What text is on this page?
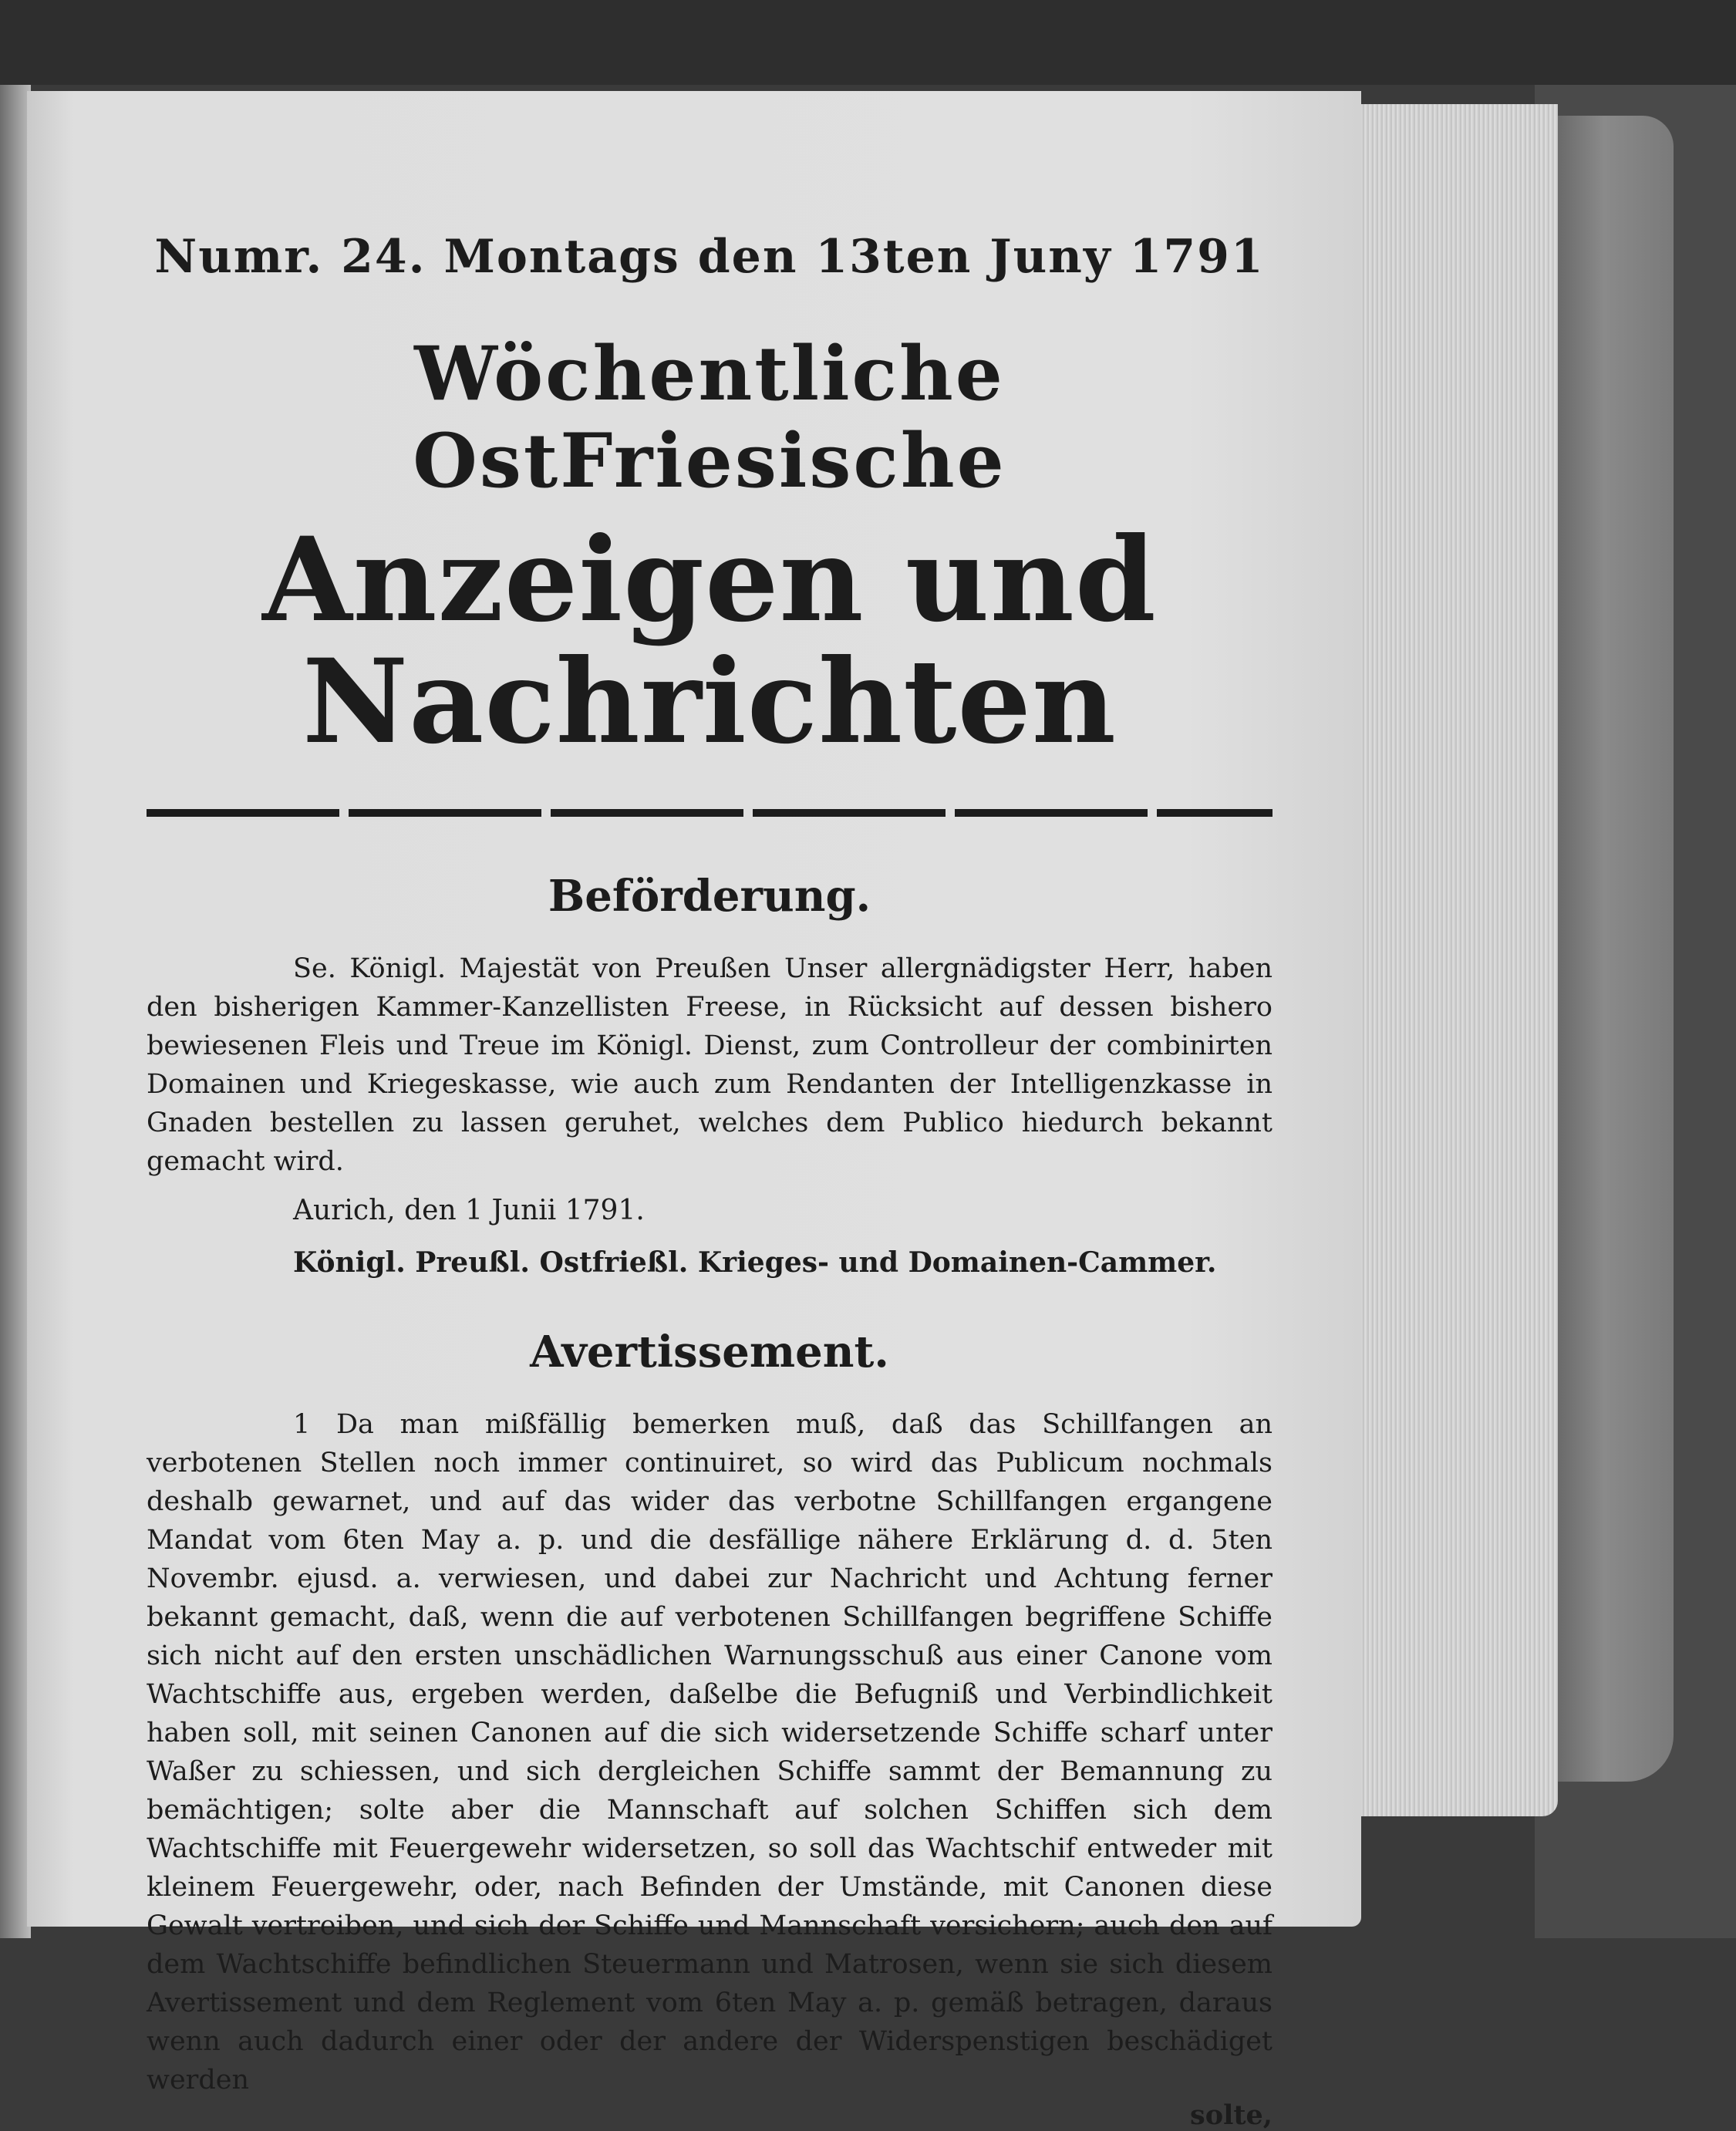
Numr. 24. Montags den 13ten Juny 1791
Wöchentliche OstFriesische
Anzeigen und Nachrichten
Beförderung.
Se. Königl. Majestät von Preußen Unser allergnädigster Herr, haben den bisherigen Kammer-Kanzellisten Freese, in Rücksicht auf dessen bishero bewiesenen Fleis und Treue im Königl. Dienst, zum Controlleur der combinirten Domainen und Kriegeskasse, wie auch zum Rendanten der Intelligenzkasse in Gnaden bestellen zu lassen geruhet, welches dem Publico hiedurch bekannt gemacht wird.
Aurich, den 1 Junii 1791.
Königl. Preußl. Ostfrießl. Krieges- und Domainen-Cammer.
Avertissement.
1 Da man mißfällig bemerken muß, daß das Schillfangen an verbotenen Stellen noch immer continuiret, so wird das Publicum nochmals deshalb gewarnet, und auf das wider das verbotne Schillfangen ergangene Mandat vom 6ten May a. p. und die desfällige nähere Erklärung d. d. 5ten Novembr. ejusd. a. verwiesen, und dabei zur Nachricht und Achtung ferner bekannt gemacht, daß, wenn die auf verbotenen Schillfangen begriffene Schiffe sich nicht auf den ersten unschädlichen Warnungsschuß aus einer Canone vom Wachtschiffe aus, ergeben werden, daßelbe die Befugniß und Verbindlichkeit haben soll, mit seinen Canonen auf die sich widersetzende Schiffe scharf unter Waßer zu schiessen, und sich dergleichen Schiffe sammt der Bemannung zu bemächtigen; solte aber die Mannschaft auf solchen Schiffen sich dem Wachtschiffe mit Feuergewehr widersetzen, so soll das Wachtschif entweder mit kleinem Feuergewehr, oder, nach Befinden der Umstände, mit Canonen diese Gewalt vertreiben, und sich der Schiffe und Mannschaft versichern; auch den auf dem Wachtschiffe befindlichen Steuermann und Matrosen, wenn sie sich diesem Avertissement und dem Reglement vom 6ten May a. p. gemäß betragen, daraus wenn auch dadurch einer oder der andere der Widerspenstigen beschädiget werden
solte,
